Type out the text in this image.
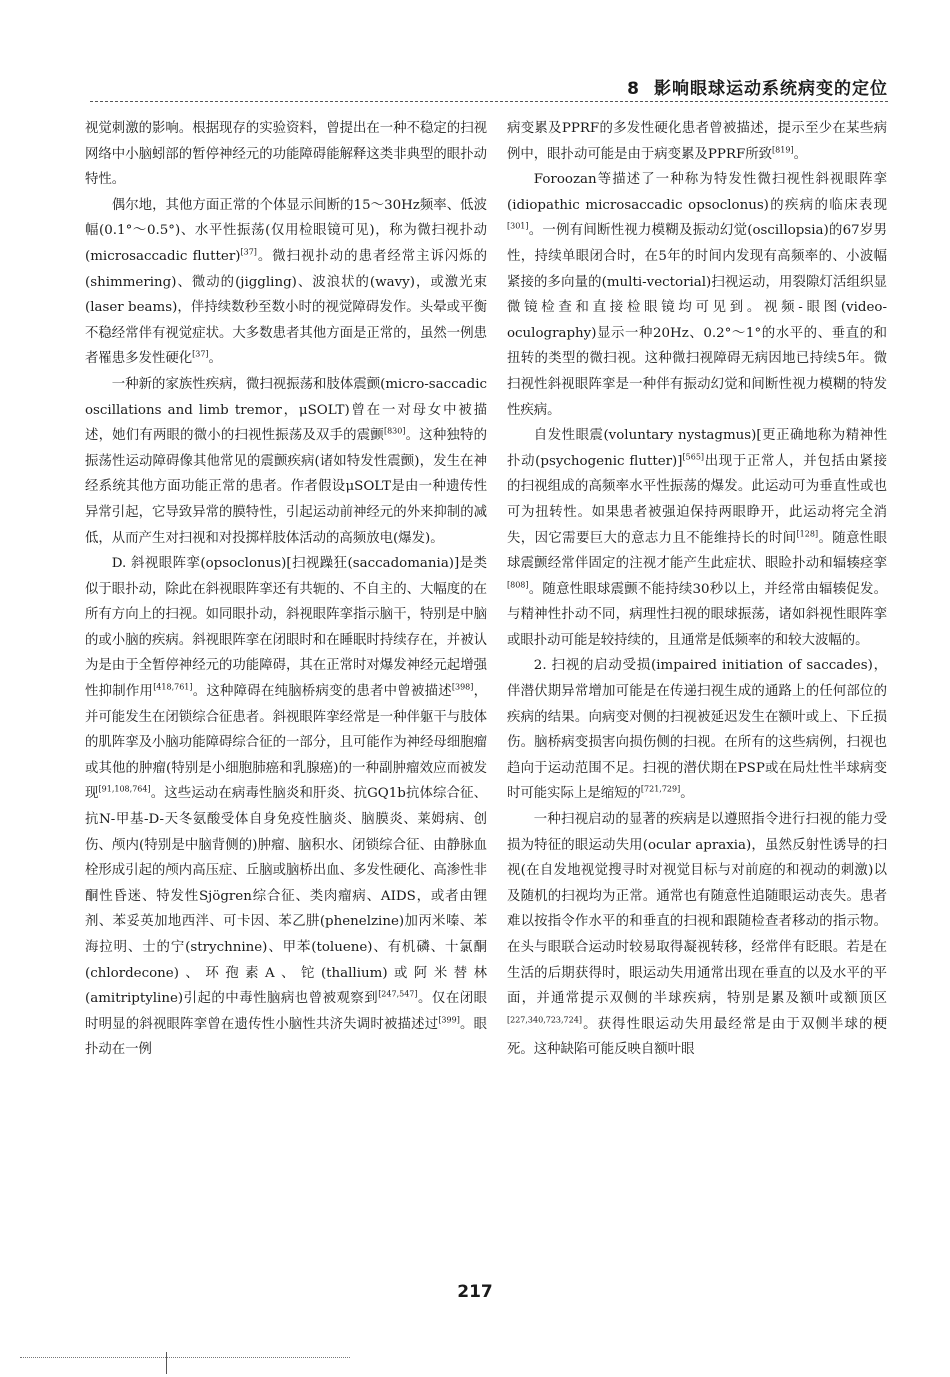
8 影响眼球运动系统病变的定位

视觉刺激的影响。根据现存的实验资料，曾提出在一种不稳定的扫视网络中小脑蚓部的暂停神经元的功能障碍能解释这类非典型的眼扑动特性。

偶尔地，其他方面正常的个体显示间断的15～30Hz频率、低波幅(0.1°～0.5°)、水平性振荡(仅用检眼镜可见)，称为微扫视扑动(microsaccadic flutter)[37]。微扫视扑动的患者经常主诉闪烁的(shimmering)、微动的(jiggling)、波浪状的(wavy)，或激光束(laser beams)，伴持续数秒至数小时的视觉障碍发作。头晕或平衡不稳经常伴有视觉症状。大多数患者其他方面是正常的，虽然一例患者罹患多发性硬化[37]。

一种新的家族性疾病，微扫视振荡和肢体震颤(micro-saccadic oscillations and limb tremor，μSOLT)曾在一对母女中被描述，她们有两眼的微小的扫视性振荡及双手的震颤[830]。这种独特的振荡性运动障碍像其他常见的震颤疾病(诸如特发性震颤)，发生在神经系统其他方面功能正常的患者。作者假设μSOLT是由一种遗传性异常引起，它导致异常的膜特性，引起运动前神经元的外来抑制的减低，从而产生对扫视和对投掷样肢体活动的高频放电(爆发)。

D. 斜视眼阵挛(opsoclonus)[扫视躁狂(saccadomania)]是类似于眼扑动，除此在斜视眼阵挛还有共轭的、不自主的、大幅度的在所有方向上的扫视。如同眼扑动，斜视眼阵挛指示脑干，特别是中脑的或小脑的疾病。斜视眼阵挛在闭眼时和在睡眠时持续存在，并被认为是由于全暂停神经元的功能障碍，其在正常时对爆发神经元起增强性抑制作用[418,761]。这种障碍在纯脑桥病变的患者中曾被描述[398]，并可能发生在闭锁综合征患者。斜视眼阵挛经常是一种伴躯干与肢体的肌阵挛及小脑功能障碍综合征的一部分，且可能作为神经母细胞瘤或其他的肿瘤(特别是小细胞肺癌和乳腺癌)的一种副肿瘤效应而被发现[91,108,764]。这些运动在病毒性脑炎和肝炎、抗GQ1b抗体综合征、抗N-甲基-D-天冬氨酸受体自身免疫性脑炎、脑膜炎、莱姆病、创伤、颅内(特别是中脑背侧的)肿瘤、脑积水、闭锁综合征、由静脉血栓形成引起的颅内高压症、丘脑或脑桥出血、多发性硬化、高渗性非酮性昏迷、特发性Sjögren综合征、类肉瘤病、AIDS，或者由锂剂、苯妥英加地西泮、可卡因、苯乙肼(phenelzine)加丙米嗪、苯海拉明、士的宁(strychnine)、甲苯(toluene)、有机磷、十氯酮(chlordecone)、环孢素A、铊(thallium)或阿米替林(amitriptyline)引起的中毒性脑病也曾被观察到[247,547]。仅在闭眼时明显的斜视眼阵挛曾在遗传性小脑性共济失调时被描述过[399]。眼扑动在一例

病变累及PPRF的多发性硬化患者曾被描述，提示至少在某些病例中，眼扑动可能是由于病变累及PPRF所致[819]。

Foroozan等描述了一种称为特发性微扫视性斜视眼阵挛(idiopathic microsaccadic opsoclonus)的疾病的临床表现[301]。一例有间断性视力模糊及振动幻觉(oscillopsia)的67岁男性，持续单眼闭合时，在5年的时间内发现有高频率的、小波幅紧接的多向量的(multi-vectorial)扫视运动，用裂隙灯活组织显微镜检查和直接检眼镜均可见到。视频-眼图(video-oculography)显示一种20Hz、0.2°～1°的水平的、垂直的和扭转的类型的微扫视。这种微扫视障碍无病因地已持续5年。微扫视性斜视眼阵挛是一种伴有振动幻觉和间断性视力模糊的特发性疾病。

自发性眼震(voluntary nystagmus)[更正确地称为精神性扑动(psychogenic flutter)][565]出现于正常人，并包括由紧接的扫视组成的高频率水平性振荡的爆发。此运动可为垂直性或也可为扭转性。如果患者被强迫保持两眼睁开，此运动将完全消失，因它需要巨大的意志力且不能维持长的时间[128]。随意性眼球震颤经常伴固定的注视才能产生此症状、眼睑扑动和辐辏痉挛[808]。随意性眼球震颤不能持续30秒以上，并经常由辐辏促发。与精神性扑动不同，病理性扫视的眼球振荡，诸如斜视性眼阵挛或眼扑动可能是较持续的，且通常是低频率的和较大波幅的。

2. 扫视的启动受损(impaired initiation of saccades)，伴潜伏期异常增加可能是在传递扫视生成的通路上的任何部位的疾病的结果。向病变对侧的扫视被延迟发生在额叶或上、下丘损伤。脑桥病变损害向损伤侧的扫视。在所有的这些病例，扫视也趋向于运动范围不足。扫视的潜伏期在PSP或在局灶性半球病变时可能实际上是缩短的[721,729]。

一种扫视启动的显著的疾病是以遵照指令进行扫视的能力受损为特征的眼运动失用(ocular apraxia)，虽然反射性诱导的扫视(在自发地视觉搜寻时对视觉目标与对前庭的和视动的刺激)以及随机的扫视均为正常。通常也有随意性追随眼运动丧失。患者难以按指令作水平的和垂直的扫视和跟随检查者移动的指示物。在头与眼联合运动时较易取得凝视转移，经常伴有眨眼。若是在生活的后期获得时，眼运动失用通常出现在垂直的以及水平的平面，并通常提示双侧的半球疾病，特别是累及额叶或额顶区[227,340,723,724]。获得性眼运动失用最经常是由于双侧半球的梗死。这种缺陷可能反映自额叶眼

217
